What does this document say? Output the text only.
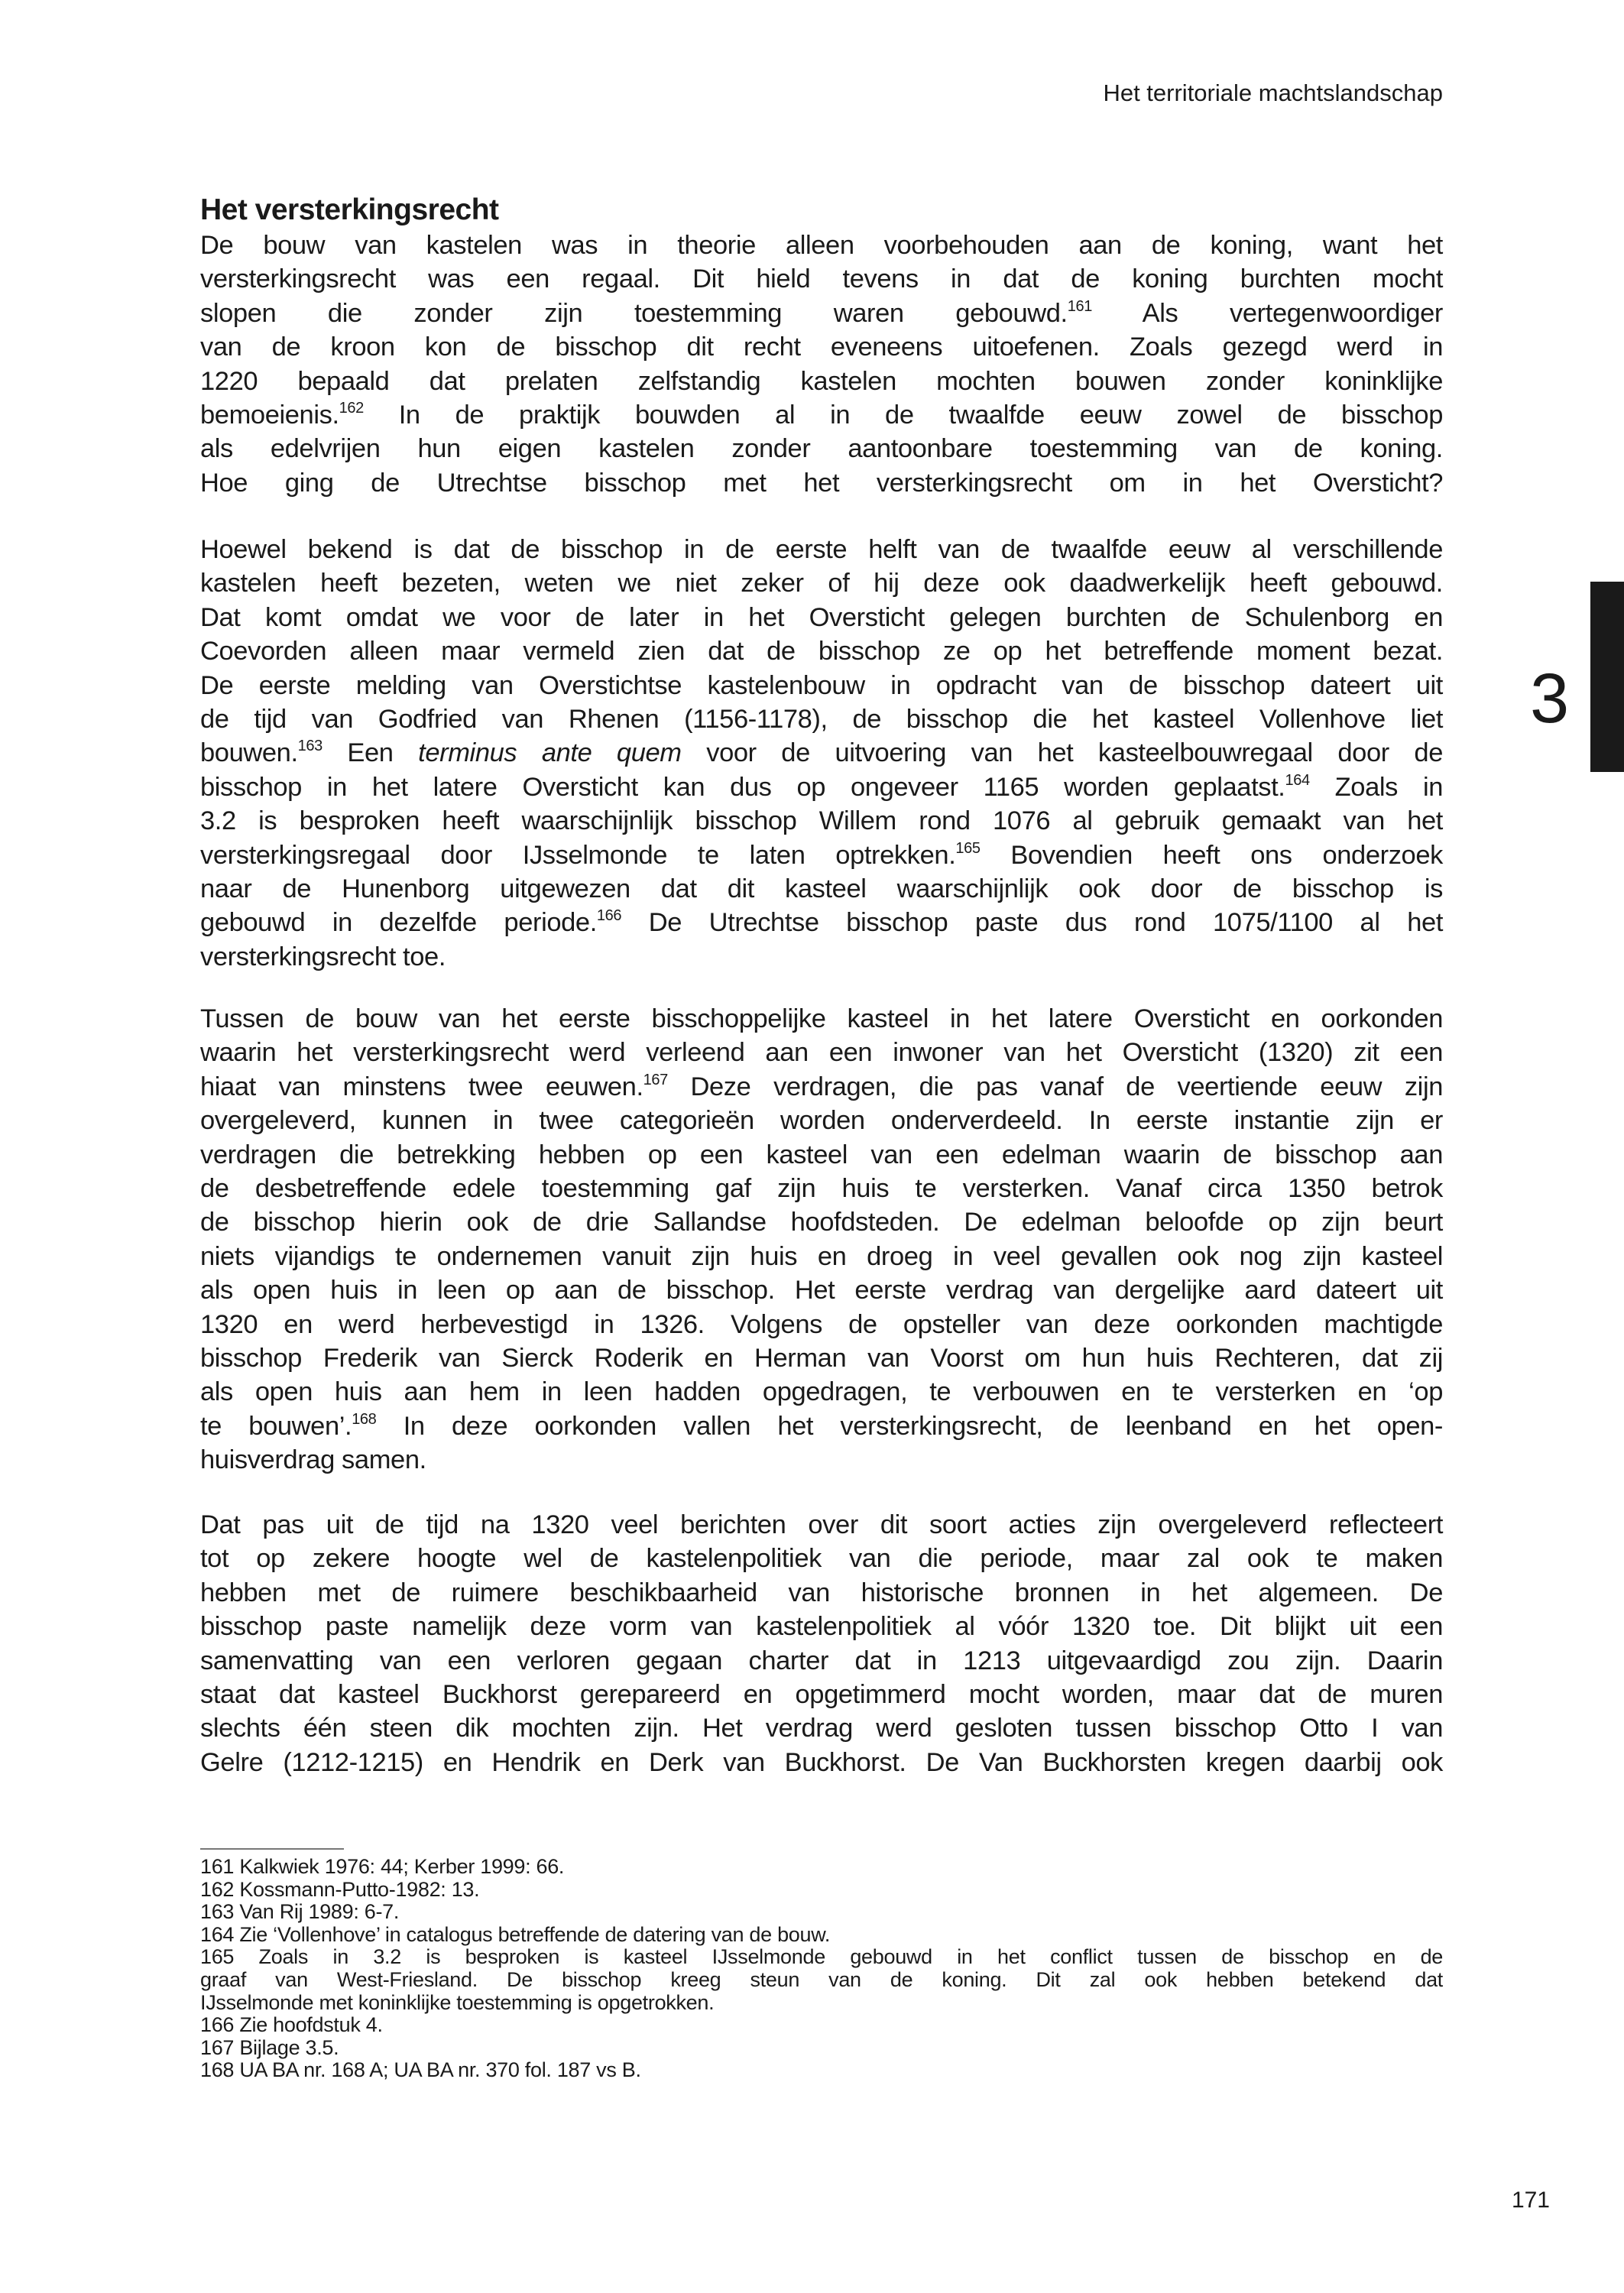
Het territoriale machtslandschap
Het versterkingsrecht
De bouw van kastelen was in theorie alleen voorbehouden aan de koning, want het
versterkingsrecht was een regaal. Dit hield tevens in dat de koning burchten mocht
slopen die zonder zijn toestemming waren gebouwd.$^{161}$ Als vertegenwoordiger
van de kroon kon de bisschop dit recht eveneens uitoefenen. Zoals gezegd werd in
1220 bepaald dat prelaten zelfstandig kastelen mochten bouwen zonder koninklijke
bemoeienis.$^{162}$ In de praktijk bouwden al in de twaalfde eeuw zowel de bisschop
als edelvrijen hun eigen kastelen zonder aantoonbare toestemming van de koning.
Hoe ging de Utrechtse bisschop met het versterkingsrecht om in het Oversticht?
Hoewel bekend is dat de bisschop in de eerste helft van de twaalfde eeuw al verschillende
kastelen heeft bezeten, weten we niet zeker of hij deze ook daadwerkelijk heeft gebouwd.
Dat komt omdat we voor de later in het Oversticht gelegen burchten de Schulenborg en
Coevorden alleen maar vermeld zien dat de bisschop ze op het betreffende moment bezat.
De eerste melding van Overstichtse kastelenbouw in opdracht van de bisschop dateert uit
de tijd van Godfried van Rhenen (1156-1178), de bisschop die het kasteel Vollenhove liet
bouwen.$^{163}$ Een terminus ante quem voor de uitvoering van het kasteelbouwregaal door de
bisschop in het latere Oversticht kan dus op ongeveer 1165 worden geplaatst.$^{164}$ Zoals in
3.2 is besproken heeft waarschijnlijk bisschop Willem rond 1076 al gebruik gemaakt van het
versterkingsregaal door IJsselmonde te laten optrekken.$^{165}$ Bovendien heeft ons onderzoek
naar de Hunenborg uitgewezen dat dit kasteel waarschijnlijk ook door de bisschop is
gebouwd in dezelfde periode.$^{166}$ De Utrechtse bisschop paste dus rond 1075/1100 al het
versterkingsrecht toe.
Tussen de bouw van het eerste bisschoppelijke kasteel in het latere Oversticht en oorkonden
waarin het versterkingsrecht werd verleend aan een inwoner van het Oversticht (1320) zit een
hiaat van minstens twee eeuwen.$^{167}$ Deze verdragen, die pas vanaf de veertiende eeuw zijn
overgeleverd, kunnen in twee categorieën worden onderverdeeld. In eerste instantie zijn er
verdragen die betrekking hebben op een kasteel van een edelman waarin de bisschop aan
de desbetreffende edele toestemming gaf zijn huis te versterken. Vanaf circa 1350 betrok
de bisschop hierin ook de drie Sallandse hoofdsteden. De edelman beloofde op zijn beurt
niets vijandigs te ondernemen vanuit zijn huis en droeg in veel gevallen ook nog zijn kasteel
als open huis in leen op aan de bisschop. Het eerste verdrag van dergelijke aard dateert uit
1320 en werd herbevestigd in 1326. Volgens de opsteller van deze oorkonden machtigde
bisschop Frederik van Sierck Roderik en Herman van Voorst om hun huis Rechteren, dat zij
als open huis aan hem in leen hadden opgedragen, te verbouwen en te versterken en ‘op
te bouwen’.$^{168}$ In deze oorkonden vallen het versterkingsrecht, de leenband en het open-
huisverdrag samen.
Dat pas uit de tijd na 1320 veel berichten over dit soort acties zijn overgeleverd reflecteert
tot op zekere hoogte wel de kastelenpolitiek van die periode, maar zal ook te maken
hebben met de ruimere beschikbaarheid van historische bronnen in het algemeen. De
bisschop paste namelijk deze vorm van kastelenpolitiek al vóór 1320 toe. Dit blijkt uit een
samenvatting van een verloren gegaan charter dat in 1213 uitgevaardigd zou zijn. Daarin
staat dat kasteel Buckhorst gerepareerd en opgetimmerd mocht worden, maar dat de muren
slechts één steen dik mochten zijn. Het verdrag werd gesloten tussen bisschop Otto I van
Gelre (1212-1215) en Hendrik en Derk van Buckhorst. De Van Buckhorsten kregen daarbij ook
161 Kalkwiek 1976: 44; Kerber 1999: 66.
162 Kossmann-Putto-1982: 13.
163 Van Rij 1989: 6-7.
164 Zie ‘Vollenhove’ in catalogus betreffende de datering van de bouw.
165 Zoals in 3.2 is besproken is kasteel IJsselmonde gebouwd in het conflict tussen de bisschop en de
graaf van West-Friesland. De bisschop kreeg steun van de koning. Dit zal ook hebben betekend dat
IJsselmonde met koninklijke toestemming is opgetrokken.
166 Zie hoofdstuk 4.
167 Bijlage 3.5.
168 UA BA nr. 168 A; UA BA nr. 370 fol. 187 vs B.
3
171
